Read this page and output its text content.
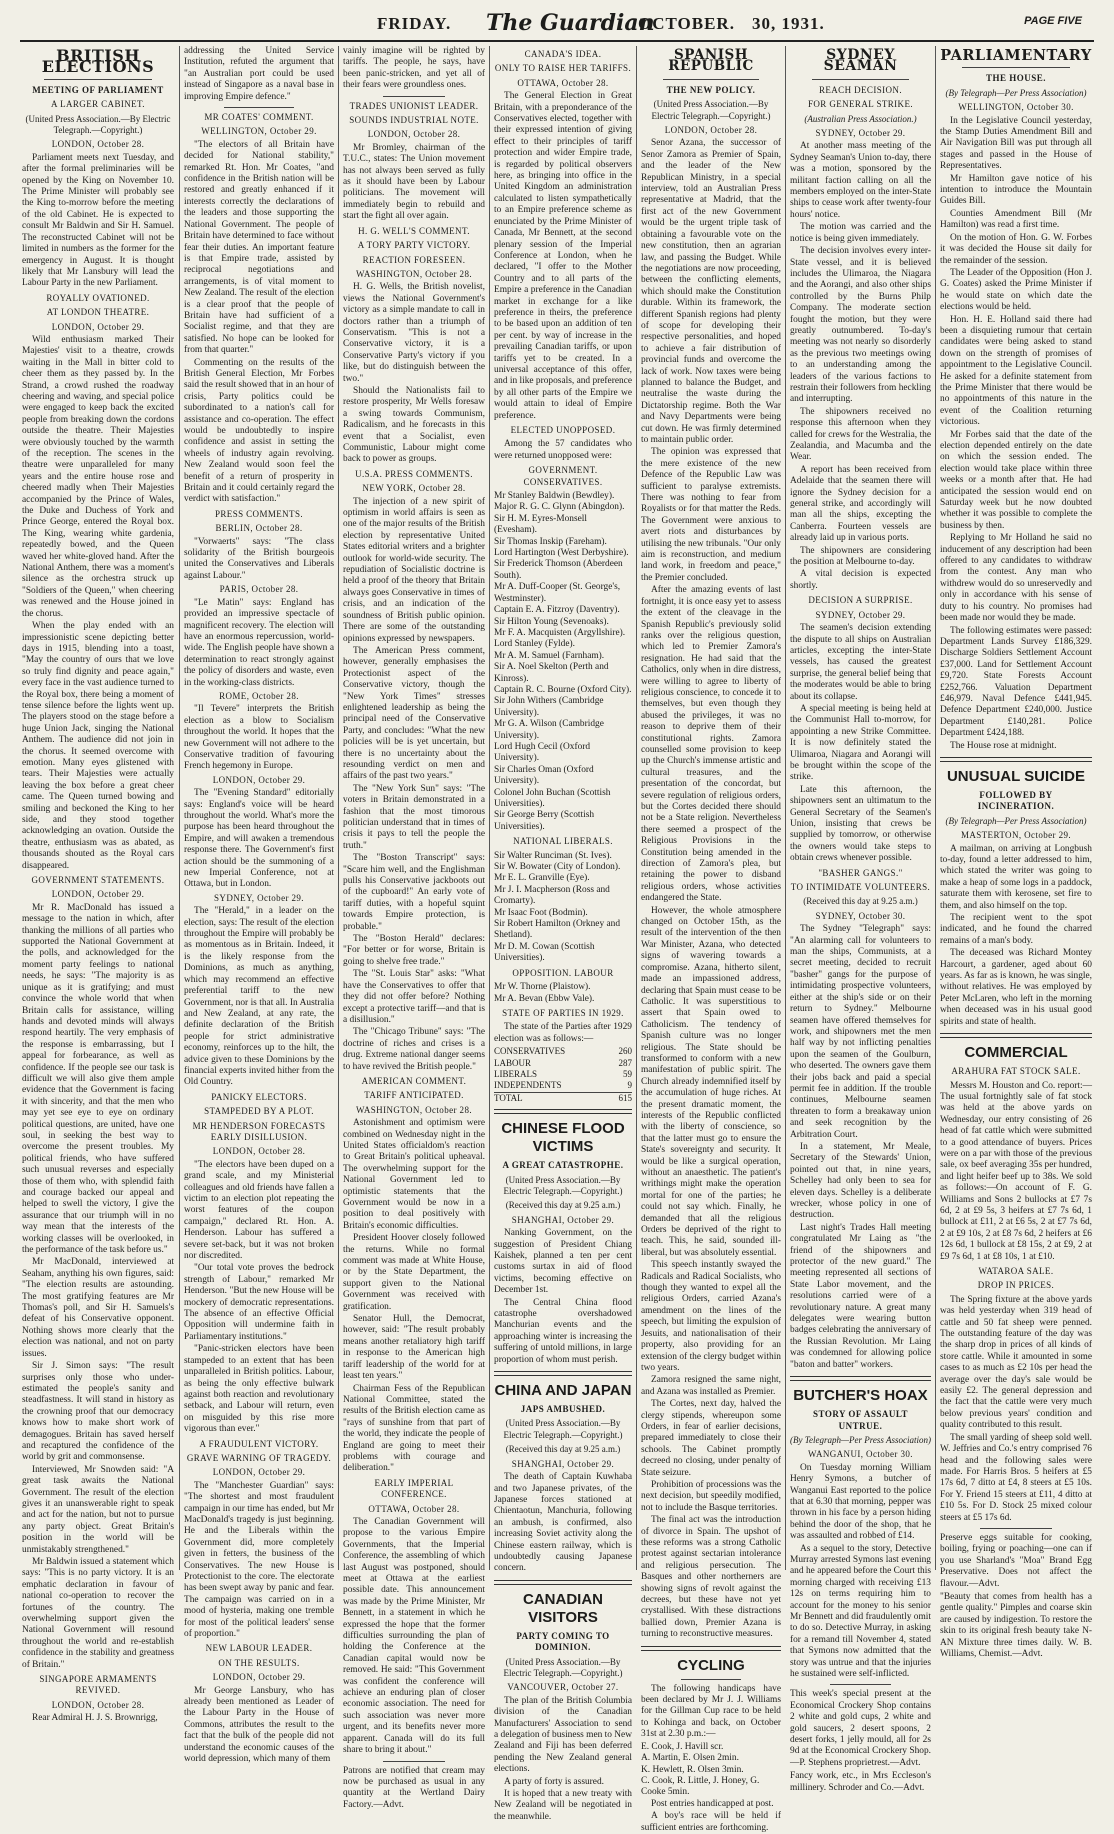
FRIDAY. The Guardian
OCTOBER. 30, 1931.	PAGE FIVE
BRITISH ELECTIONS
MEETING OF PARLIAMENT
A LARGER CABINET.
(United Press Association.—By Electric Telegraph.—Copyright.)
LONDON, October 28.

Parliament meets next Tuesday, and after the formal preliminaries will be opened by the King on November 10. The Prime Minister will probably see the King to-morrow before the meeting of the old Cabinet. He is expected to consult Mr Baldwin and Sir H. Samuel. The reconstructed Cabinet will not be limited in numbers as the former for the emergency in August. It is thought likely that Mr Lansbury will lead the Labour Party in the new Parliament.

ROYALLY OVATIONED.
AT LONDON THEATRE.
LONDON, October 29.

Wild enthusiasm marked Their Majesties' visit to a theatre, crowds waiting in the Mall in bitter cold to cheer them as they passed by. In the Strand, a crowd rushed the roadway cheering and waving, and special police were engaged to keep back the excited people from breaking down the cordons outside the theatre. Their Majesties were obviously touched by the warmth of the reception. The scenes in the theatre were unparalleled for many years and the entire house rose and cheered madly when Their Majesties accompanied by the Prince of Wales, the Duke and Duchess of York and Prince George, entered the Royal box. The King, wearing white gardenia, repeatedly bowed, and the Queen waved her white-gloved hand. After the National Anthem, there was a moment's silence as the orchestra struck up "Soldiers of the Queen," when cheering was renewed and the House joined in the chorus.

When the play ended with an impressionistic scene depicting better days in 1915, blending into a toast, "May the country of ours that we love so truly find dignity and peace again," every face in the vast audience turned to the Royal box, there being a moment of tense silence before the lights went up. The players stood on the stage before a huge Union Jack, singing the National Anthem. The audience did not join in the chorus. It seemed overcome with emotion. Many eyes glistened with tears. Their Majesties were actually leaving the box before a great cheer came. The Queen turned bowing and smiling and beckoned the King to her side, and they stood together acknowledging an ovation. Outside the theatre, enthusiasm was as abated, as thousands shouted as the Royal cars disappeared.

GOVERNMENT STATEMENTS.
LONDON, October 29.

Mr R. MacDonald has issued a message to the nation in which, after thanking the millions of all parties who supported the National Government at the polls, and acknowledged for the moment party feelings to national needs, he says: "The majority is as unique as it is gratifying; and must convince the whole world that when Britain calls for assistance, willing hands and devoted minds will always respond heartily. The very emphasis of the response is embarrassing, but I appeal for forbearance, as well as confidence. If the people see our task is difficult we will also give them ample evidence that the Government is facing it with sincerity, and that the men who may yet see eye to eye on ordinary political questions, are united, have one soul, in seeking the best way to overcome the present troubles. My political friends, who have suffered such unusual reverses and especially those of them who, with splendid faith and courage backed our appeal and helped to swell the victory, I give the assurance that our triumph will in no way mean that the interests of the working classes will be overlooked, in the performance of the task before us."

Mr MacDonald, interviewed at Seaham, anything his own figures, said: "The election results are astounding. The most gratifying features are Mr Thomas's poll, and Sir H. Samuels's defeat of his Conservative opponent. Nothing shows more clearly that the election was national, and not on party issues.

Sir J. Simon says: "The result surprises only those who under-estimated the people's sanity and steadfastness. It will stand in history as the crowning proof that our democracy knows how to make short work of demagogues. Britain has saved herself and recaptured the confidence of the world by grit and commonsense.

Interviewed, Mr Snowden said: "A great task awaits the National Government. The result of the election gives it an unanswerable right to speak and act for the nation, but not to pursue any party object. Great Britain's position in the world will be unmistakably strengthened."

Mr Baldwin issued a statement which says: "This is no party victory. It is an emphatic declaration in favour of national co-operation to recover the fortunes of the country. The overwhelming support given the National Government will resound throughout the world and re-establish confidence in the stability and greatness of Britain."

SINGAPORE ARMAMENTS REVIVED.
LONDON, October 28.

Rear Admiral H. J. S. Brownrigg,

addressing the United Service Institution, refuted the argument that "an Australian port could be used instead of Singapore as a naval base in improving Empire defence."

MR COATES' COMMENT.
WELLINGTON, October 29.

"The electors of all Britain have decided for National stability," remarked Rt. Hon. Mr Coates, "and confidence in the British nation will be restored and greatly enhanced if it interests correctly the declarations of the leaders and those supporting the National Government. The people of Britain have determined to face without fear their duties. An important feature is that Empire trade, assisted by reciprocal negotiations and arrangements, is of vital moment to New Zealand. The result of the election is a clear proof that the people of Britain have had sufficient of a Socialist regime, and that they are satisfied. No hope can be looked for from that quarter."

Commenting on the results of the British General Election, Mr Forbes said the result showed that in an hour of crisis, Party politics could be subordinated to a nation's call for assistance and co-operation. The effect would be undoubtedly to inspire confidence and assist in setting the wheels of industry again revolving. New Zealand would soon feel the benefit of a return of prosperity in Britain and it could certainly regard the verdict with satisfaction."

PRESS COMMENTS.
BERLIN, October 28.

"Vorwaerts" says: "The class solidarity of the British bourgeois united the Conservatives and Liberals against Labour."

PARIS, October 28.

"Le Matin" says: England has provided an impressive spectacle of magnificent recovery. The election will have an enormous repercussion, world-wide. The English people have shown a determination to react strongly against the policy of disorders and waste, even in the working-class districts.

ROME, October 28.

"Il Tevere" interprets the British election as a blow to Socialism throughout the world. It hopes that the new Government will not adhere to the Conservative tradition of favouring French hegemony in Europe.

LONDON, October 29.

The "Evening Standard" editorially says: England's voice will be heard throughout the world. What's more the purpose has been heard throughout the Empire, and will awaken a tremendous response there. The Government's first action should be the summoning of a new Imperial Conference, not at Ottawa, but in London.

SYDNEY, October 29.

The "Herald," in a leader on the election, says: The result of the election throughout the Empire will probably be as momentous as in Britain. Indeed, it is the likely response from the Dominions, as much as anything, which may recommend an effective preferential tariff to the new Government, nor is that all. In Australia and New Zealand, at any rate, the definite declaration of the British people for strict administrative economy, reinforces up to the hilt, the advice given to these Dominions by the financial experts invited hither from the Old Country.

PANICKY ELECTORS.
STAMPEDED BY A PLOT.
MR HENDERSON FORECASTS EARLY DISILLUSION.
LONDON, October 28.

"The electors have been duped on a grand scale, and my Ministerial colleagues and old friends have fallen a victim to an election plot repeating the worst features of the coupon campaign," declared Rt. Hon. A. Henderson. Labour has suffered a severe set-back, but it was not broken nor discredited.

"Our total vote proves the bedrock strength of Labour," remarked Mr Henderson. "But the new House will be mockery of democratic representations. The absence of an effective Official Opposition will undermine faith in Parliamentary institutions."

"Panic-stricken electors have been stampeded to an extent that has been unparalleled in British politics. Labour, as being the only effective bulwark against both reaction and revolutionary setback, and Labour will return, even on misguided by this rise more vigorous than ever."

A FRAUDULENT VICTORY.
GRAVE WARNING OF TRAGEDY.
LONDON, October 29.

The "Manchester Guardian" says: "The shortest and most fraudulent campaign in our time has ended, but Mr MacDonald's tragedy is just beginning. He and the Liberals within the Government did, more completely given in fetters, the business of the Conservatives. The new House is Protectionist to the core. The electorate has been swept away by panic and fear. The campaign was carried on in a mood of hysteria, making one tremble for most of the political leaders' sense of proportion."

NEW LABOUR LEADER.
ON THE RESULTS.
LONDON, October 29.

Mr George Lansbury, who has already been mentioned as Leader of the Labour Party in the House of Commons, attributes the result to the fact that the bulk of the people did not understand the economic causes of the world depression, which many of them

vainly imagine will be righted by tariffs. The people, he says, have been panic-stricken, and yet all of their fears were groundless ones.

TRADES UNIONIST LEADER.
SOUNDS INDUSTRIAL NOTE.
LONDON, October 28.

Mr Bromley, chairman of the T.U.C., states: The Union movement has not always been served as fully as it should have been by Labour politicians. The movement will immediately begin to rebuild and start the fight all over again.

H. G. WELL'S COMMENT.
A TORY PARTY VICTORY.
REACTION FORESEEN.
WASHINGTON, October 28.

H. G. Wells, the British novelist, views the National Government's victory as a simple mandate to call in doctors rather than a triumph of Conservatism. "This is not a Conservative victory, it is a Conservative Party's victory if you like, but do distinguish between the two."

Should the Nationalists fail to restore prosperity, Mr Wells foresaw a swing towards Communism, Radicalism, and he forecasts in this event that a Socialist, even Communistic, Labour might come back to power as groups.

U.S.A. PRESS COMMENTS.
NEW YORK, October 28.

The injection of a new spirit of optimism in world affairs is seen as one of the major results of the British election by representative United States editorial writers and a brighter outlook for world-wide security. The repudiation of Socialistic doctrine is held a proof of the theory that Britain always goes Conservative in times of crisis, and an indication of the soundness of British public opinion. There are some of the outstanding opinions expressed by newspapers.

The American Press comment, however, generally emphasises the Protectionist aspect of the Conservative victory, though the "New York Times" stresses enlightened leadership as being the principal need of the Conservative Party, and concludes: "What the new policies will be is yet uncertain, but there is no uncertainty about the resounding verdict on men and affairs of the past two years."

The "New York Sun" says: "The voters in Britain demonstrated in a fashion that the most timorous politician understand that in times of crisis it pays to tell the people the truth."

The "Boston Transcript" says: "Scare him well, and the Englishman pulls his Conservative jackboots out of the cupboard!" An early vote of tariff duties, with a hopeful squint towards Empire protection, is probable."

The "Boston Herald" declares: "For better or for worse, Britain is going to shelve free trade."

The "St. Louis Star" asks: "What have the Conservatives to offer that they did not offer before? Nothing except a protective tariff—and that is a disillusion."

The "Chicago Tribune" says: "The doctrine of riches and crises is a drug. Extreme national danger seems to have revived the British people."

AMERICAN COMMENT.
TARIFF ANTICIPATED.
WASHINGTON, October 28.

Astonishment and optimism were combined on Wednesday night in the United States officialdom's reaction to Great Britain's political upheaval. The overwhelming support for the National Government led to optimistic statements that the Government would be now in a position to deal positively with Britain's economic difficulties.

President Hoover closely followed the returns. While no formal comment was made at White House, or by the State Department, the support given to the National Government was received with gratification.

Senator Hull, the Democrat, however, said: "The result probably means another retaliatory high tariff in response to the American high tariff leadership of the world for at least ten years."

Chairman Fess of the Republican National Committee, stated the results of the British election came as "rays of sunshine from that part of the world, they indicate the people of England are going to meet their problems with courage and deliberation."

EARLY IMPERIAL CONFERENCE.
OTTAWA, October 28.

The Canadian Government will propose to the various Empire Governments, that the Imperial Conference, the assembling of which last August was postponed, should meet at Ottawa at the earliest possible date. This announcement was made by the Prime Minister, Mr Bennett, in a statement in which he expressed the hope that the former difficulties surrounding the plan of holding the Conference at the Canadian capital would now be removed. He said: "This Government was confident the conference will achieve an enduring plan of closer economic association. The need for such association was never more urgent, and its benefits never more apparent. Canada will do its full share to bring it about."

Patrons are notified that cream may now be purchased as usual in any quantity at the Wertland Dairy Factory.—Advt.

CANADA'S IDEA.
ONLY TO RAISE HER TARIFFS.
OTTAWA, October 28.

The General Election in Great Britain, with a preponderance of the Conservatives elected, together with their expressed intention of giving effect to their principles of tariff protection and wider Empire trade, is regarded by political observers here, as bringing into office in the United Kingdom an administration calculated to listen sympathetically to an Empire preference scheme as enunciated by the Prime Minister of Canada, Mr Bennett, at the second plenary session of the Imperial Conference at London, when he declared, "I offer to the Mother Country and to all parts of the Empire a preference in the Canadian market in exchange for a like preference in theirs, the preference to be based upon an addition of ten per cent. by way of increase in the prevailing Canadian tariffs, or upon tariffs yet to be created. In a universal acceptance of this offer, and in like proposals, and preference by all other parts of the Empire we would attain to ideal of Empire preference.

ELECTED UNOPPOSED.

Among the 57 candidates who were returned unopposed were:

GOVERNMENT. CONSERVATIVES.

Mr Stanley Baldwin (Bewdley).

Major R. G. C. Glynn (Abingdon).

Sir H. M. Eyres-Monsell (Evesham).

Sir Thomas Inskip (Fareham).

Lord Hartington (West Derbyshire).

Sir Frederick Thomson (Aberdeen South).

Mr A. Duff-Cooper (St. George's, Westminster).

Captain E. A. Fitzroy (Daventry).

Sir Hilton Young (Sevenoaks).

Mr F. A. Macquisten (Argyllshire).

Lord Stanley (Fylde).

Mr A. M. Samuel (Farnham).

Sir A. Noel Skelton (Perth and Kinross).

Captain R. C. Bourne (Oxford City).

Sir John Withers (Cambridge University).

Mr G. A. Wilson (Cambridge University).

Lord Hugh Cecil (Oxford University).

Sir Charles Oman (Oxford University).

Colonel John Buchan (Scottish Universities).

Sir George Berry (Scottish Universities).

NATIONAL LIBERALS.

Sir Walter Runciman (St. Ives).

Sir W. Bowater (City of London).

Mr E. L. Granville (Eye).

Mr J. I. Macpherson (Ross and Cromarty).

Mr Isaac Foot (Bodmin).

Sir Robert Hamilton (Orkney and Shetland).

Mr D. M. Cowan (Scottish Universities).

OPPOSITION. LABOUR

Mr W. Thorne (Plaistow).

Mr A. Bevan (Ebbw Vale).

STATE OF PARTIES IN 1929.

The state of the Parties after 1929 election was as follows:—

CONSERVATIVES	260
LABOUR	287
LIBERALS	59
INDEPENDENTS	9
TOTAL	615
CHINESE FLOOD VICTIMS
A GREAT CATASTROPHE.
(United Press Association.—By Electric Telegraph.—Copyright.)
(Received this day at 9.25 a.m.)
SHANGHAI, October 29.

Nanking Government, on the suggestion of President Chiang Kaishek, planned a ten per cent customs surtax in aid of flood victims, becoming effective on December 1st.

The Central China flood catastrophe overshadowed Manchurian events and the approaching winter is increasing the suffering of untold millions, in large proportion of whom must perish.

CHINA AND JAPAN
JAPS AMBUSHED.
(United Press Association.—By Electric Telegraph.—Copyright.)
(Received this day at 9.25 a.m.)
SHANGHAI, October 29.

The death of Captain Kuwhaba and two Japanese privates, of the Japanese forces stationed at Chientaotun, Manchuria, following an ambush, is confirmed, also increasing Soviet activity along the Chinese eastern railway, which is undoubtedly causing Japanese concern.

CANADIAN VISITORS
PARTY COMING TO DOMINION.
(United Press Association.—By Electric Telegraph.—Copyright.)
VANCOUVER, October 27.

The plan of the British Columbia division of the Canadian Manufacturers' Association to send a delegation of business men to New Zealand and Fiji has been deferred pending the New Zealand general elections.

A party of forty is assured.

It is hoped that a new treaty with New Zealand will be negotiated in the meanwhile.

SPANISH REPUBLIC
THE NEW POLICY.
(United Press Association.—By Electric Telegraph.—Copyright.)
LONDON, October 28.

Senor Azana, the successor of Senor Zamora as Premier of Spain, and the leader of the New Republican Ministry, in a special interview, told an Australian Press representative at Madrid, that the first act of the new Government would be the urgent triple task of obtaining a favourable vote on the new constitution, then an agrarian law, and passing the Budget. While the negotiations are now proceeding, between the conflicting elements, which should make the Constitution durable. Within its framework, the different Spanish regions had plenty of scope for developing their respective personalities, and hoped to achieve a fair distribution of provincial funds and overcome the lack of work. Now taxes were being planned to balance the Budget, and neutralise the waste during the Dictatorship regime. Both the War and Navy Departments were being cut down. He was firmly determined to maintain public order.

The opinion was expressed that the mere existence of the new Defence of the Republic Law was sufficient to paralyse extremists. There was nothing to fear from Royalists or for that matter the Reds. The Government were anxious to avert riots and disturbances by utilising the new tribunals. "Our only aim is reconstruction, and medium land work, in freedom and peace," the Premier concluded.

After the amazing events of last fortnight, it is once easy yet to assess the extent of the cleavage in the Spanish Republic's previously solid ranks over the religious question, which led to Premier Zamora's resignation. He had said that the Catholics, only when in dire distress, were willing to agree to liberty of religious conscience, to concede it to themselves, but even though they abused the privileges, it was no reason to deprive them of their constitutional rights. Zamora counselled some provision to keep up the Church's immense artistic and cultural treasures, and the presentation of the concordat, but severe regulation of religious orders, but the Cortes decided there should not be a State religion. Nevertheless there seemed a prospect of the Religious Provisions in the Constitution being amended in the direction of Zamora's plea, but retaining the power to disband religious orders, whose activities endangered the State.

However, the whole atmosphere changed on October 15th, as the result of the intervention of the then War Minister, Azana, who detected signs of wavering towards a compromise. Azana, hitherto silent, made an impassioned address, declaring that Spain must cease to be Catholic. It was superstitious to assert that Spain owed to Catholicism. The tendency of Spanish culture was no longer religious. The State should be transformed to conform with a new manifestation of public spirit. The Church already indemnified itself by the accumulation of huge riches. At the present dramatic moment, the interests of the Republic conflicted with the liberty of conscience, so that the latter must go to ensure the State's sovereignty and security. It would be like a surgical operation, without an anaesthetic. The patient's writhings might make the operation mortal for one of the parties; he could not say which. Finally, he demanded that all the religious Orders be deprived of the right to teach. This, he said, sounded ill-liberal, but was absolutely essential.

This speech instantly swayed the Radicals and Radical Socialists, who though they wanted to expel all the religious Orders, carried Azana's amendment on the lines of the speech, but limiting the expulsion of Jesuits, and nationalisation of their property, also providing for an extension of the clergy budget within two years.

Zamora resigned the same night, and Azana was installed as Premier.

The Cortes, next day, halved the clergy stipends, whereupon some Orders, in fear of earlier decisions, prepared immediately to close their schools. The Cabinet promptly decreed no closing, under penalty of State seizure.

Prohibition of processions was the next decision, but speedily modified, not to include the Basque territories.

The final act was the introduction of divorce in Spain. The upshot of these reforms was a strong Catholic protest against sectarian intolerance and religious persecution. The Basques and other northerners are showing signs of revolt against the decrees, but these have not yet crystallised. With these distractions ballied down, Premier Azana is turning to reconstructive measures.

CYCLING

The following handicaps have been declared by Mr J. J. Williams for the Gillman Cup race to be held to Kohinga and back, on October 31st at 2.30 p.m.:—

E. Cook, J. Havill scr.

A. Martin, E. Olsen 2min.

K. Hewlett, R. Olsen 3min.

C. Cook, R. Little, J. Honey, G. Cooke 5min.

Post entries handicapped at post.

A boy's race will be held if sufficient entries are forthcoming.

SYDNEY SEAMAN
REACH DECISION.
FOR GENERAL STRIKE.
(Australian Press Association.)
SYDNEY, October 29.

At another mass meeting of the Sydney Seaman's Union to-day, there was a motion, sponsored by the militant faction calling on all the members employed on the inter-State ships to cease work after twenty-four hours' notice.

The motion was carried and the notice is being given immediately.

The decision involves every inter-State vessel, and it is believed includes the Ulimaroa, the Niagara and the Aorangi, and also other ships controlled by the Burns Philp Company. The moderate section fought the motion, but they were greatly outnumbered. To-day's meeting was not nearly so disorderly as the previous two meetings owing to an understanding among the leaders of the various factions to restrain their followers from heckling and interrupting.

The shipowners received no response this afternoon when they called for crews for the Westralia, the Zealandia, and Macumba and the Wear.

A report has been received from Adelaide that the seamen there will ignore the Sydney decision for a general strike, and accordingly will man all the ships, excepting the Canberra. Fourteen vessels are already laid up in various ports.

The shipowners are considering the position at Melbourne to-day.

A vital decision is expected shortly.

DECISION A SURPRISE.
SYDNEY, October 29.

The seamen's decision extending the dispute to all ships on Australian articles, excepting the inter-State vessels, has caused the greatest surprise, the general belief being that the moderates would be able to bring about its collapse.

A special meeting is being held at the Communist Hall to-morrow, for appointing a new Strike Committee. It is now definitely stated the Ulimaroa, Niagara and Aorangi will be brought within the scope of the strike.

Late this afternoon, the shipowners sent an ultimatum to the General Secretary of the Seamen's Union, insisting that crews be supplied by tomorrow, or otherwise the owners would take steps to obtain crews whenever possible.

"BASHER GANGS."
TO INTIMIDATE VOLUNTEERS.
(Received this day at 9.25 a.m.)
SYDNEY, October 30.

The Sydney "Telegraph" says: "An alarming call for volunteers to man the ships, Communists, at a secret meeting, decided to recruit "basher" gangs for the purpose of intimidating prospective volunteers, either at the ship's side or on their return to Sydney." Melbourne seamen have offered themselves for work, and shipowners met the men half way by not inflicting penalties upon the seamen of the Goulburn, who deserted. The owners gave them their jobs back and paid a special permit fee in addition. If the trouble continues, Melbourne seamen threaten to form a breakaway union and seek recognition by the Arbitration Court.

In a statement, Mr Meale, Secretary of the Stewards' Union, pointed out that, in nine years, Schelley had only been to sea for eleven days. Schelley is a deliberate wrecker, whose policy in one of destruction.

Last night's Trades Hall meeting congratulated Mr Laing as "the friend of the shipowners and protector of the new guard." The meeting represented all sections of State Labor movement, and the resolutions carried were of a revolutionary nature. A great many delegates were wearing button badges celebrating the anniversary of the Russian Revolution. Mr Laing was condemned for allowing police "baton and batter" workers.

BUTCHER'S HOAX
STORY OF ASSAULT UNTRUE.
(By Telegraph—Per Press Association)
WANGANUI, October 30.

On Tuesday morning William Henry Symons, a butcher of Wanganui East reported to the police that at 6.30 that morning, pepper was thrown in his face by a person hiding behind the door of the shop, that he was assaulted and robbed of £14.

As a sequel to the story, Detective Murray arrested Symons last evening and he appeared before the Court this morning charged with receiving £13 12s on terms requiring him to account for the money to his senior Mr Bennett and did fraudulently omit to do so. Detective Murray, in asking for a remand till November 4, stated that Symons now admitted that the story was untrue and that the injuries he sustained were self-inflicted.

This week's special present at the Economical Crockery Shop contains 2 white and gold cups, 2 white and gold saucers, 2 desert spoons, 2 desert forks, 1 jelly mould, all for 2s 9d at the Economical Crockery Shop.—P. Stephens proprietrest.—Advt.

Fancy work, etc., in Mrs Eccleson's millinery. Schroder and Co.—Advt.

PARLIAMENTARY
THE HOUSE.
(By Telegraph—Per Press Association)
WELLINGTON, October 30.

In the Legislative Council yesterday, the Stamp Duties Amendment Bill and Air Navigation Bill was put through all stages and passed in the House of Representatives.

Mr Hamilton gave notice of his intention to introduce the Mountain Guides Bill.

Counties Amendment Bill (Mr Hamilton) was read a first time.

On the motion of Hon. G. W. Forbes it was decided the House sit daily for the remainder of the session.

The Leader of the Opposition (Hon J. G. Coates) asked the Prime Minister if he would state on which date the elections would be held.

Hon. H. E. Holland said there had been a disquieting rumour that certain candidates were being asked to stand down on the strength of promises of appointment to the Legislative Council. He asked for a definite statement from the Prime Minister that there would be no appointments of this nature in the event of the Coalition returning victorious.

Mr Forbes said that the date of the election depended entirely on the date on which the session ended. The election would take place within three weeks or a month after that. He had anticipated the session would end on Saturday week but he now doubted whether it was possible to complete the business by then.

Replying to Mr Holland he said no inducement of any description had been offered to any candidates to withdraw from the contest. Any man who withdrew would do so unreservedly and only in accordance with his sense of duty to his country. No promises had been made nor would they be made.

The following estimates were passed: Department Lands Survey £186,329. Discharge Soldiers Settlement Account £37,000. Land for Settlement Account £9,720. State Forests Account £252,766. Valuation Department £46,979. Naval Defence £441,945. Defence Department £240,000. Justice Department £140,281. Police Department £424,188.

The House rose at midnight.

UNUSUAL SUICIDE
FOLLOWED BY INCINERATION.
(By Telegraph—Per Press Association)
MASTERTON, October 29.

A mailman, on arriving at Longbush to-day, found a letter addressed to him, which stated the writer was going to make a heap of some logs in a paddock, saturate them with kerosene, set fire to them, and also himself on the top.

The recipient went to the spot indicated, and he found the charred remains of a man's body.

The deceased was Richard Montey Harcourt, a gardener, aged about 60 years. As far as is known, he was single, without relatives. He was employed by Peter McLaren, who left in the morning when deceased was in his usual good spirits and state of health.

COMMERCIAL
ARAHURA FAT STOCK SALE.

Messrs M. Houston and Co. report:—The usual fortnightly sale of fat stock was held at the above yards on Wednesday, our entry consisting of 26 head of fat cattle which were submitted to a good attendance of buyers. Prices were on a par with those of the previous sale, ox beef averaging 35s per hundred, and light heifer beef up to 38s. We sold as follows:—On account of F. G. Williams and Sons 2 bullocks at £7 7s 6d, 2 at £9 5s, 3 heifers at £7 7s 6d, 1 bullock at £11, 2 at £6 5s, 2 at £7 7s 6d, 2 at £9 10s, 2 at £8 7s 6d, 2 heifers at £6 12s 6d, 1 bullock at £8 15s, 2 at £9, 2 at £9 7s 6d, 1 at £8 10s, 1 at £10.

WATAROA SALE.
DROP IN PRICES.

The Spring fixture at the above yards was held yesterday when 319 head of cattle and 50 fat sheep were penned. The outstanding feature of the day was the sharp drop in prices of all kinds of store cattle. While it amounted in some cases to as much as £2 10s per head the average over the day's sale would be easily £2. The general depression and the fact that the cattle were very much below previous years' condition and quality contributed to this result.

The small yarding of sheep sold well. W. Jeffries and Co.'s entry comprised 76 head and the following sales were made. For Harris Bros. 5 heifers at £5 17s 6d, 7 ditto at £4, 8 steers at £5 10s. For Y. Friend 15 steers at £11, 4 ditto at £10 5s. For D. Stock 25 mixed colour steers at £5 17s 6d.

Preserve eggs suitable for cooking, boiling, frying or poaching—one can if you use Sharland's "Moa" Brand Egg Preservative. Does not affect the flavour.—Advt.

"Beauty that comes from health has a gentle quality." Pimples and coarse skin are caused by indigestion. To restore the skin to its original fresh beauty take N-AN Mixture three times daily. W. B. Williams, Chemist.—Advt.
